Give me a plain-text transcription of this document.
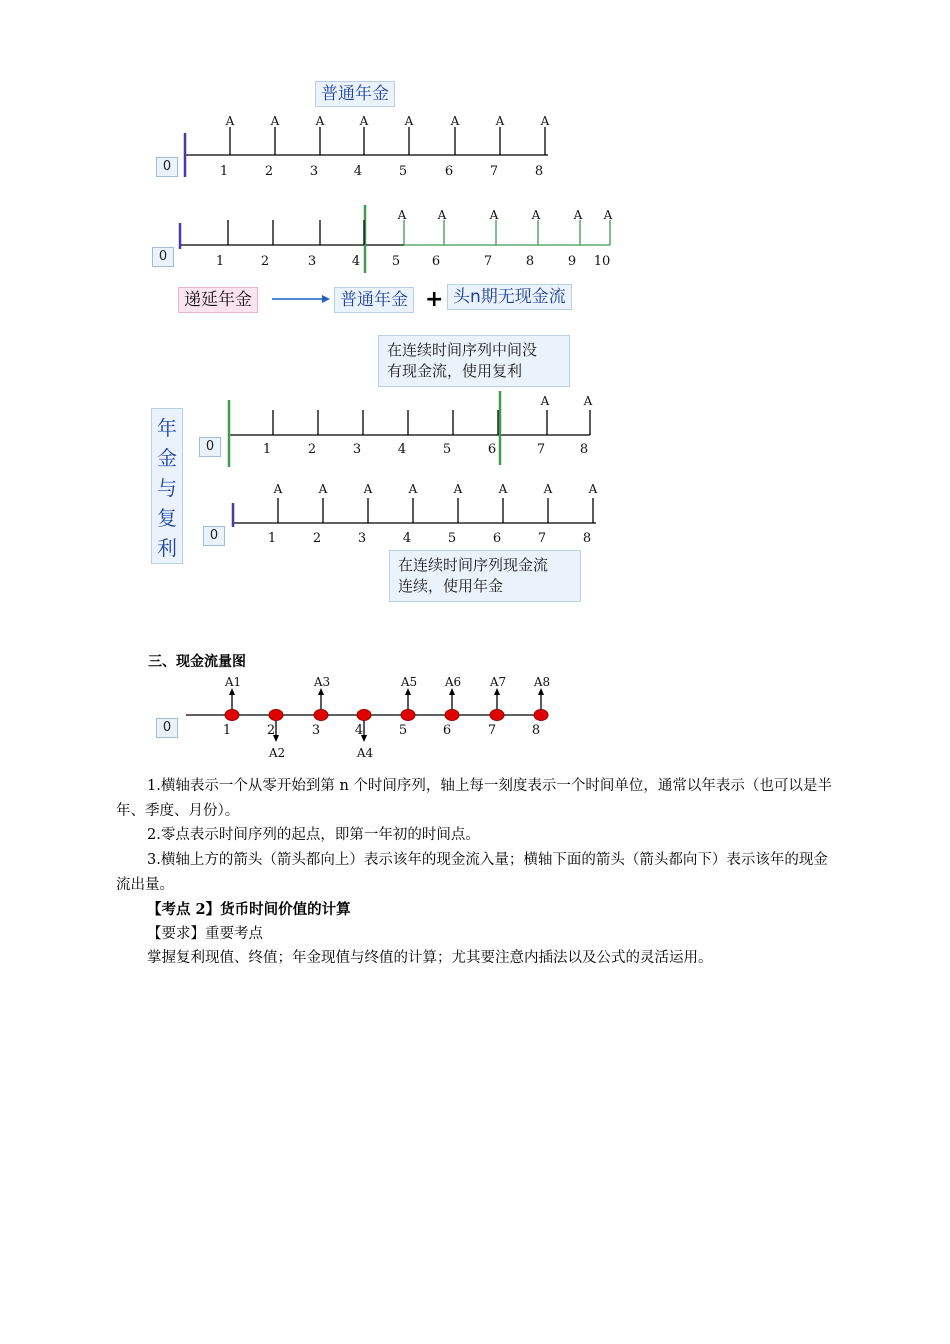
普通年金
0
0
递延年金	普通年金 + 头n期无现金流
在连续时间序列中间没
有现金流，使用复利
年
金
与
复
利
0
0
在连续时间序列现金流
连续，使用年金
三、现金流量图
0
A
1
A
2
A
3
A
4
A
5
A
6
A
7
A
8
1	2	3	4
A
5
A
6
A
7
A
8
A
9
A
10
1	2	3	4	5	6
A
7
A
8
A
1
A
2
A
3
A
4
A
5
A
6
A
7
A
8
A1
1
A2
2
A3
3
A4
4
A5
5
A6
6
A7
7
A8
8
1.横轴表示一个从零开始到第 n 个时间序列，轴上每一刻度表示一个时间单位，通常以年表示（也可以是半年、季度、月份）。
2.零点表示时间序列的起点，即第一年初的时间点。
3.横轴上方的箭头（箭头都向上）表示该年的现金流入量；横轴下面的箭头（箭头都向下）表示该年的现金流出量。
【考点 2】货币时间价值的计算
【要求】重要考点
掌握复利现值、终值；年金现值与终值的计算；尤其要注意内插法以及公式的灵活运用。
